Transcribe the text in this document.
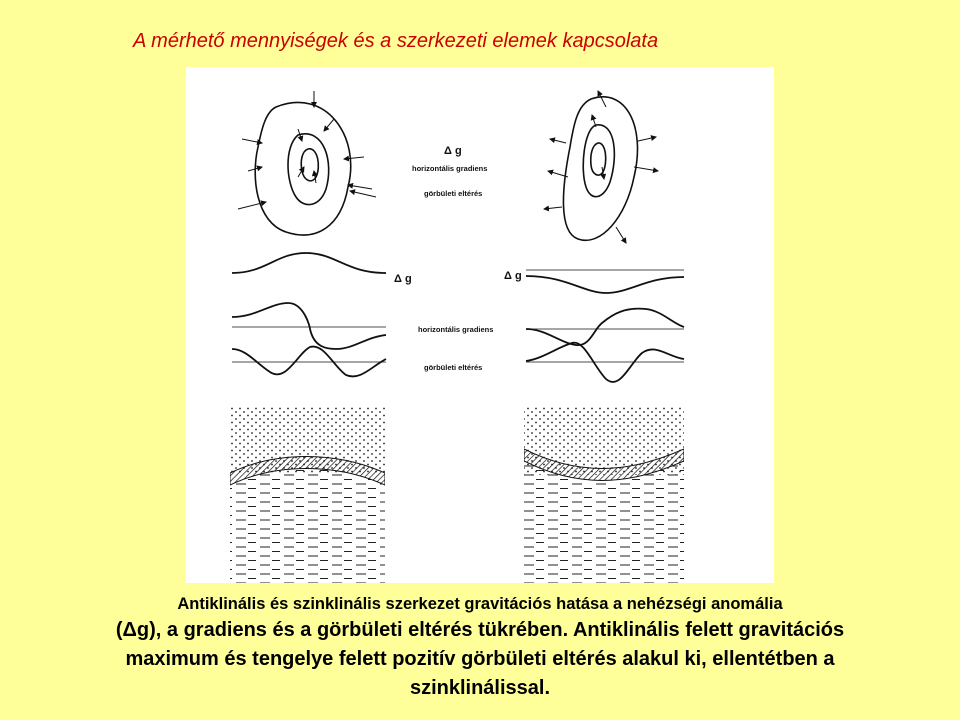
A mérhető mennyiségek és a szerkezeti elemek kapcsolata
Δ g
horizontális gradiens
görbületi eltérés
Δ g	Δ g
horizontális gradiens
görbületi eltérés
Antiklinális és szinklinális szerkezet gravitációs hatása a nehézségi anomália
(Δg), a gradiens és a görbületi eltérés tükrében. Antiklinális felett gravitációs
maximum és tengelye felett pozitív görbületi eltérés alakul ki, ellentétben a
szinklinálissal.
